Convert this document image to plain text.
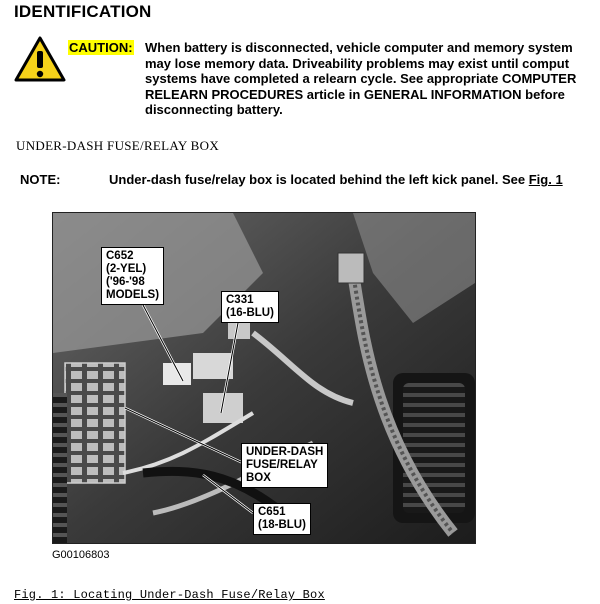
IDENTIFICATION
CAUTION: When battery is disconnected, vehicle computer and memory system
may lose memory data. Driveability problems may exist until comput
systems have completed a relearn cycle. See appropriate COMPUTER
RELEARN PROCEDURES article in GENERAL INFORMATION before
disconnecting battery.
UNDER-DASH FUSE/RELAY BOX
NOTE:	Under-dash fuse/relay box is located behind the left kick panel. See Fig. 1
C652
(2-YEL)
('96-'98
MODELS)	C331
(16-BLU)
UNDER-DASH
FUSE/RELAY
BOX
C651
(18-BLU)
G00106803
Fig. 1: Locating Under-Dash Fuse/Relay Box
